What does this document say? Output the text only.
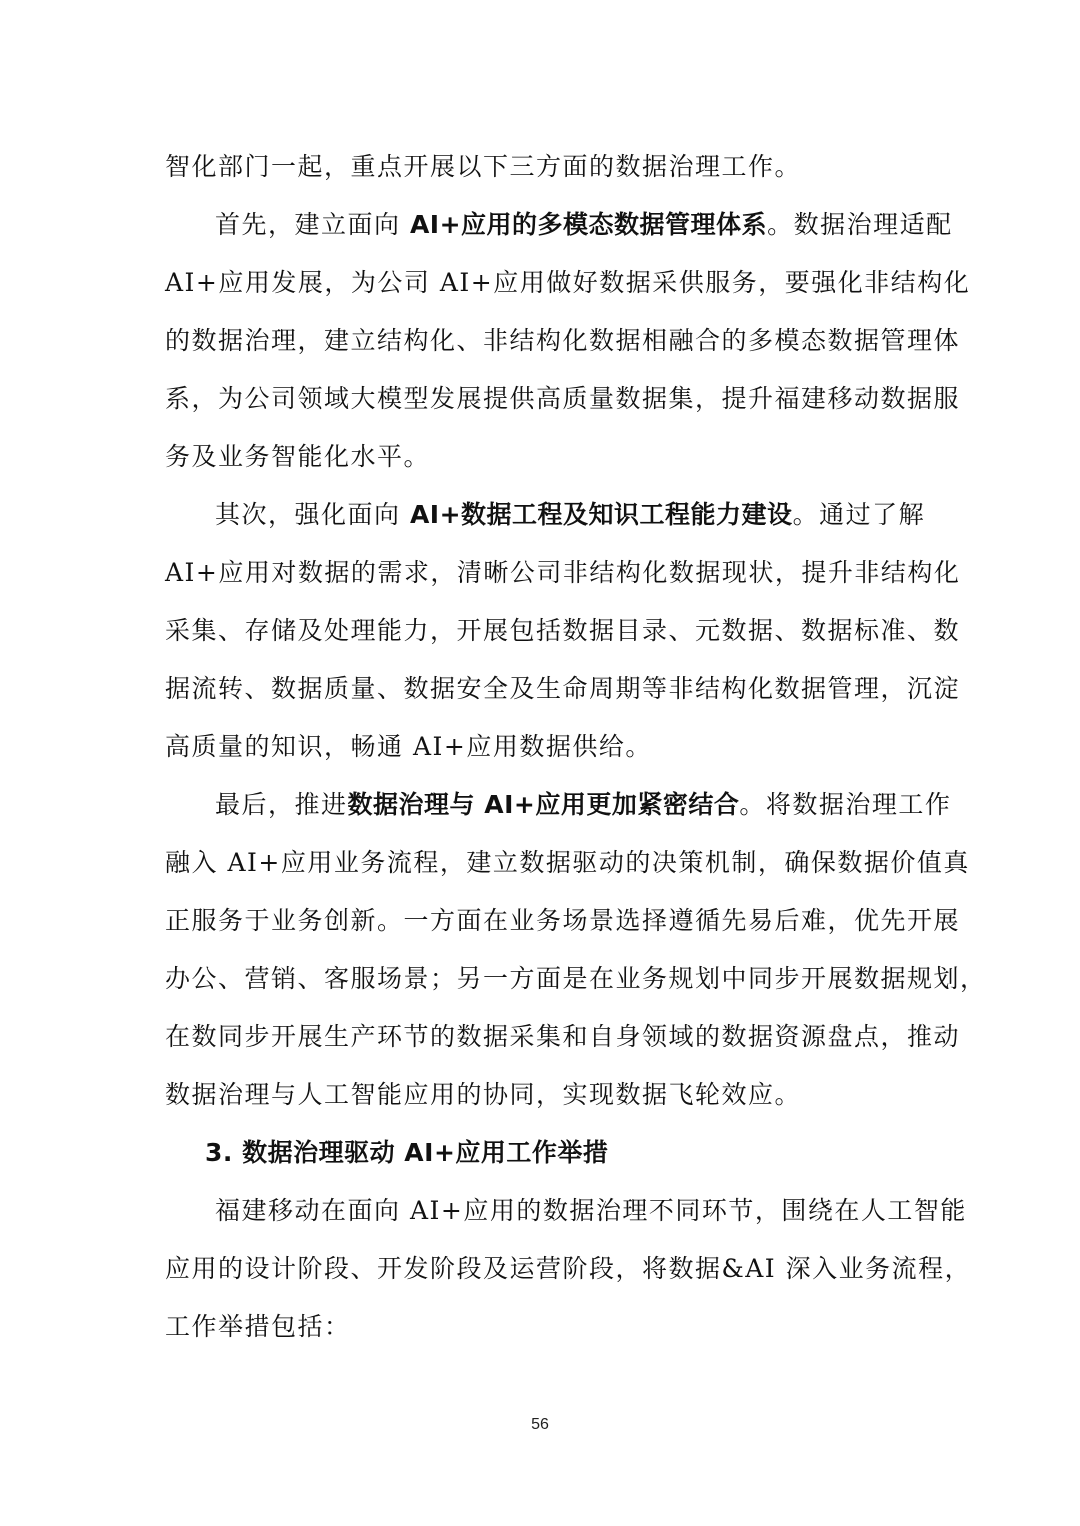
智化部门一起，重点开展以下三方面的数据治理工作。
首先，建立面向 AI+应用的多模态数据管理体系。数据治理适配
AI+应用发展，为公司 AI+应用做好数据采供服务，要强化非结构化
的数据治理，建立结构化、非结构化数据相融合的多模态数据管理体
系，为公司领域大模型发展提供高质量数据集，提升福建移动数据服
务及业务智能化水平。
其次，强化面向 AI+数据工程及知识工程能力建设。通过了解
AI+应用对数据的需求，清晰公司非结构化数据现状，提升非结构化
采集、存储及处理能力，开展包括数据目录、元数据、数据标准、数
据流转、数据质量、数据安全及生命周期等非结构化数据管理，沉淀
高质量的知识，畅通 AI+应用数据供给。
最后，推进数据治理与 AI+应用更加紧密结合。将数据治理工作
融入 AI+应用业务流程，建立数据驱动的决策机制，确保数据价值真
正服务于业务创新。一方面在业务场景选择遵循先易后难，优先开展
办公、营销、客服场景；另一方面是在业务规划中同步开展数据规划，
在数同步开展生产环节的数据采集和自身领域的数据资源盘点，推动
数据治理与人工智能应用的协同，实现数据飞轮效应。
3. 数据治理驱动 AI+应用工作举措
福建移动在面向 AI+应用的数据治理不同环节，围绕在人工智能
应用的设计阶段、开发阶段及运营阶段，将数据&AI 深入业务流程，
工作举措包括：
56
